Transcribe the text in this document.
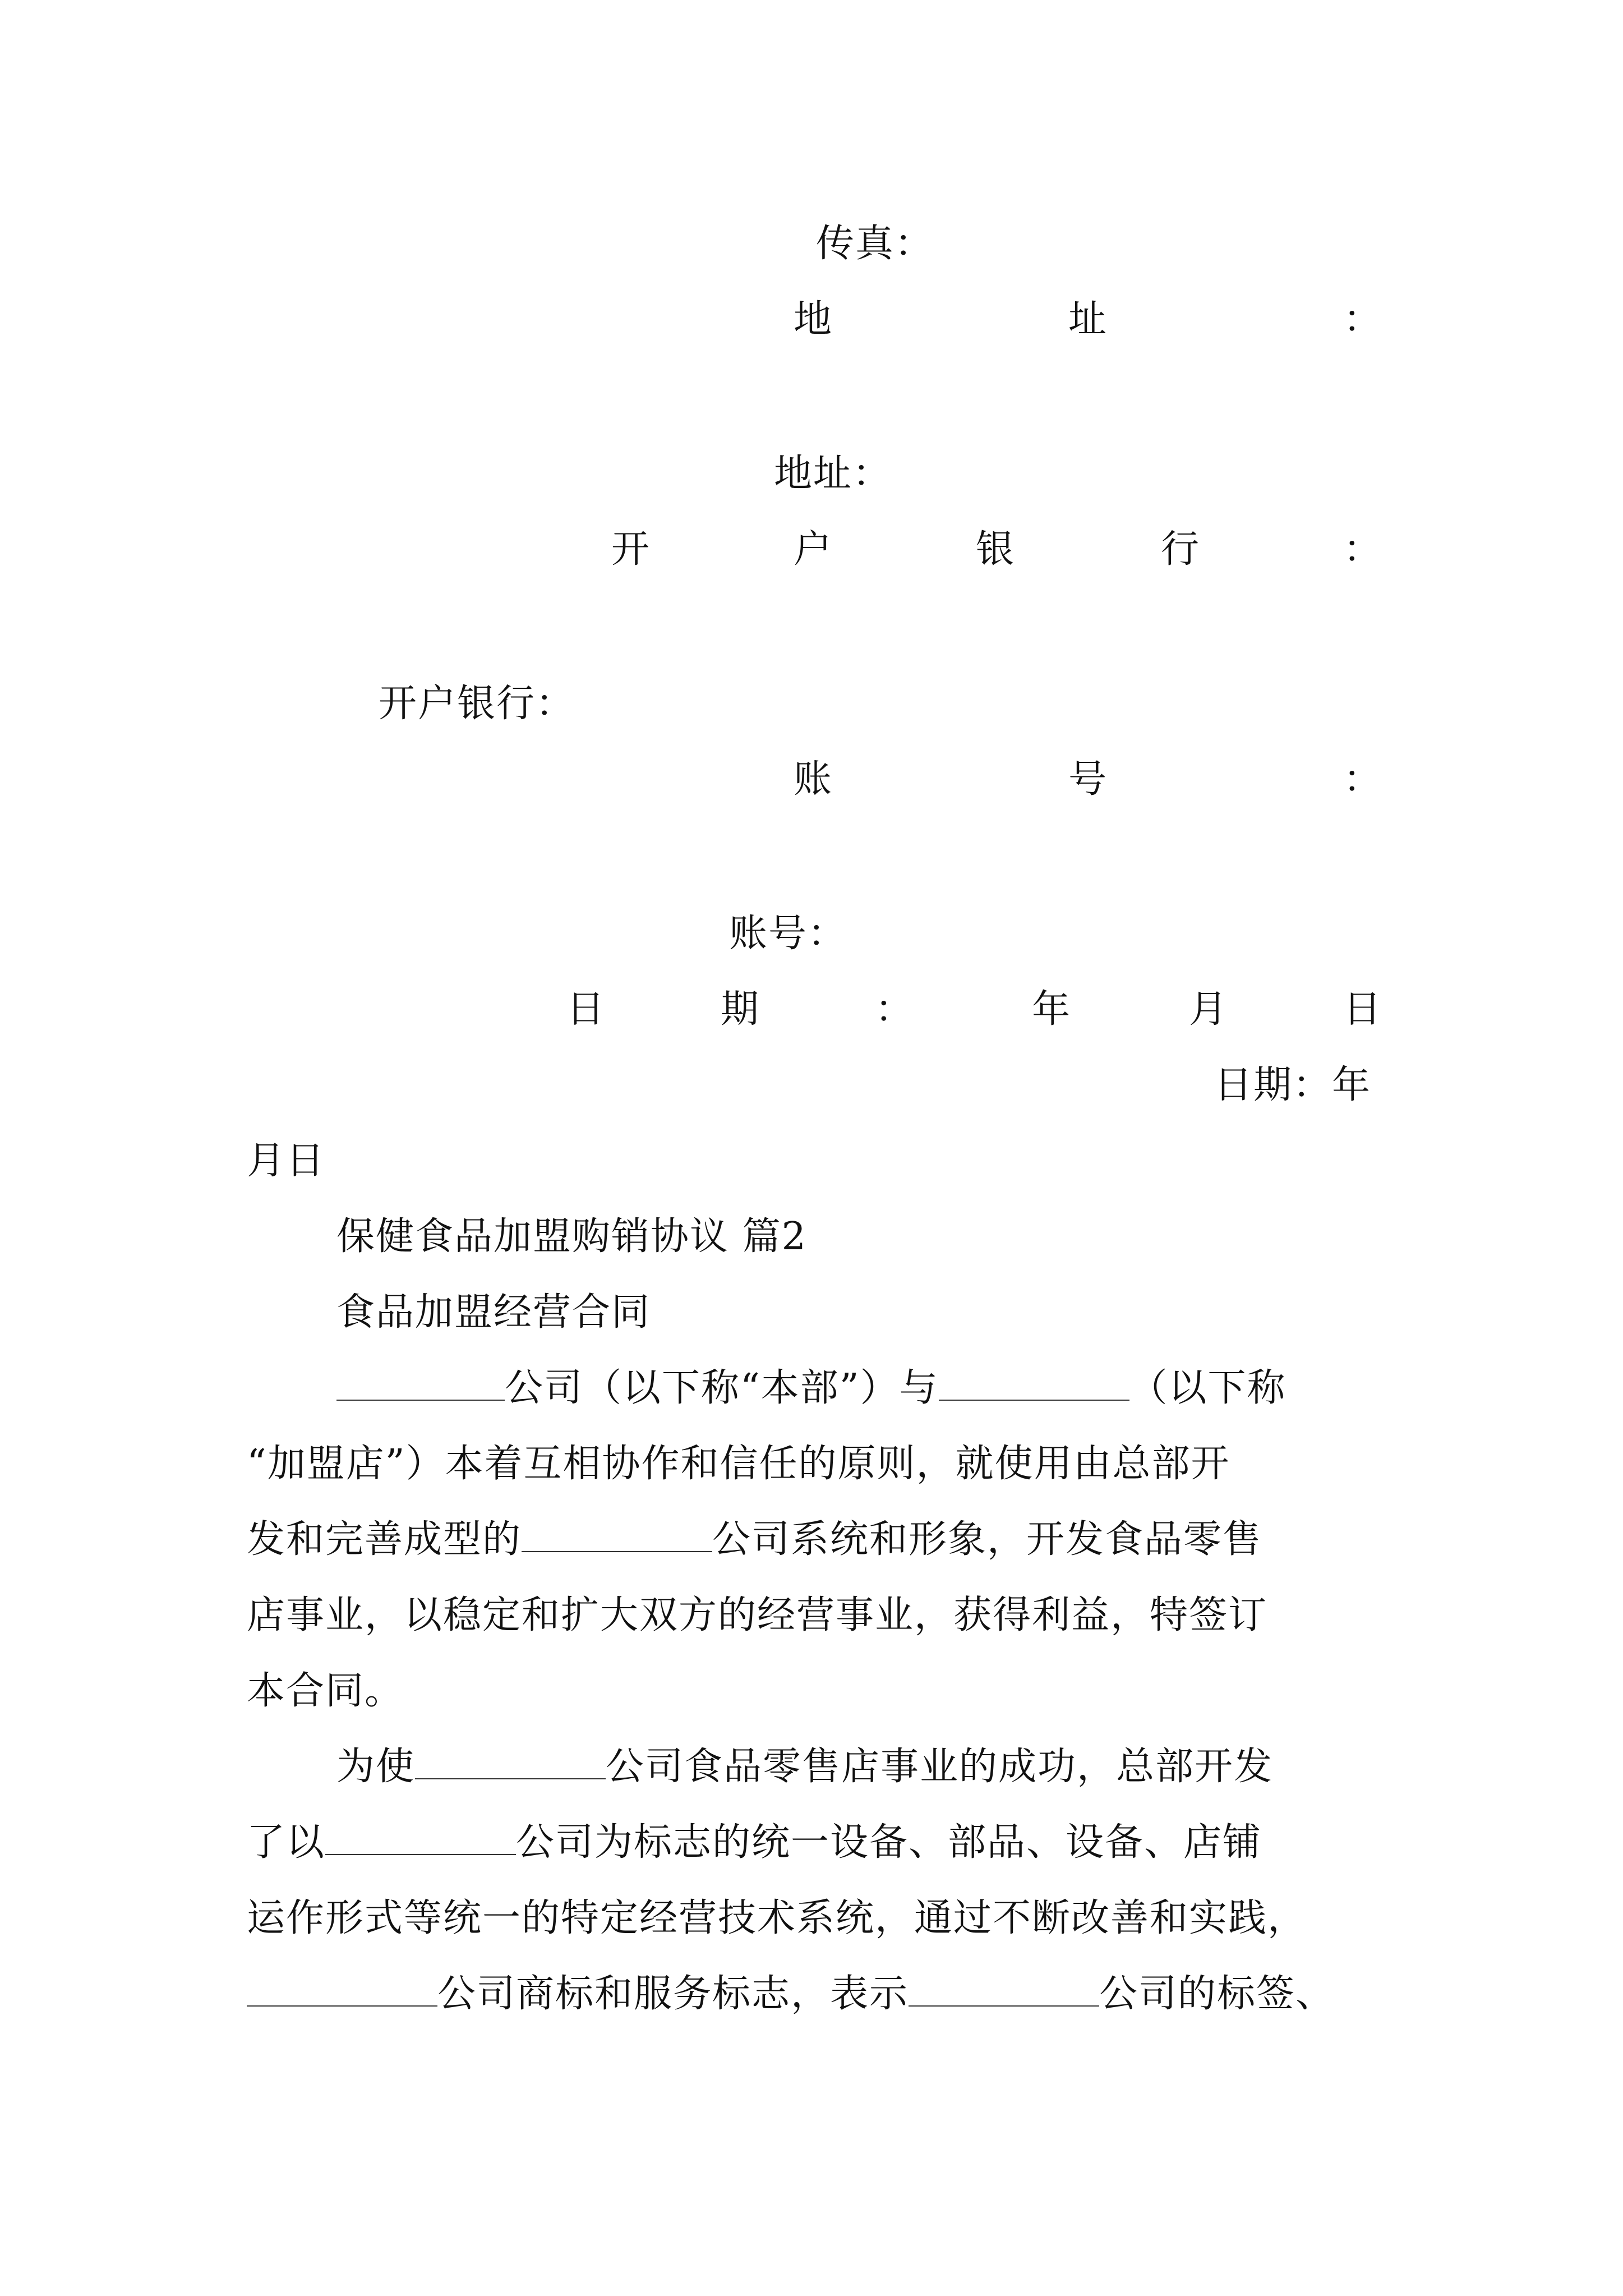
传真：
地	址	：
地址：
开	户	银	行	：
开户银行：
账	号	：
账号：
日	期	：	年	月	日
日期：年
月日
保健食品加盟购销协议 篇2
食品加盟经营合同
公司（以下称“本部”）与	（以下称
“加盟店”）本着互相协作和信任的原则，就使用由总部开
发和完善成型的	公司系统和形象，开发食品零售
店事业，以稳定和扩大双方的经营事业，获得利益，特签订
本合同。
为使	公司食品零售店事业的成功，总部开发
了以	公司为标志的统一设备、部品、设备、店铺
运作形式等统一的特定经营技术系统，通过不断改善和实践，
公司商标和服务标志，表示	公司的标签、
